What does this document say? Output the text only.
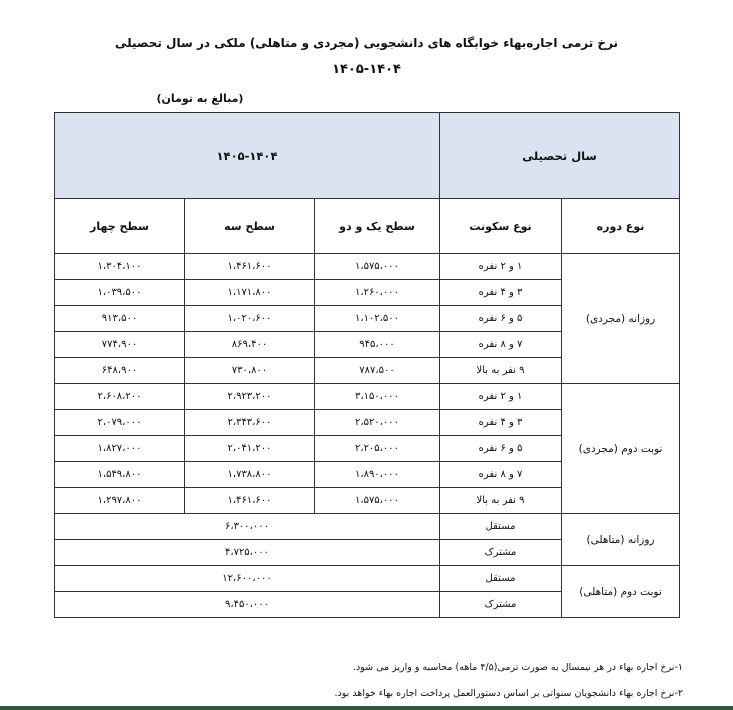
نرخ ترمی اجاره‌بهاء خوابگاه های دانشجویی (مجردی و متاهلی) ملکی در سال تحصیلی
۱۴۰۵-۱۴۰۴
(مبالغ به تومان)
۱۴۰۵-۱۴۰۴			سال تحصیلی	
سطح چهار	سطح سه	سطح یک و دو	نوع سکونت	نوع دوره
۱،۳۰۴،۱۰۰	۱،۴۶۱،۶۰۰	۱،۵۷۵،۰۰۰	۱ و ۲ نفره	روزانه (مجردی)
۱،۰۳۹،۵۰۰	۱،۱۷۱،۸۰۰	۱،۲۶۰،۰۰۰	۳ و ۴ نفره	
۹۱۳،۵۰۰	۱،۰۲۰،۶۰۰	۱،۱۰۲،۵۰۰	۵ و ۶ نفره	
۷۷۴،۹۰۰	۸۶۹،۴۰۰	۹۴۵،۰۰۰	۷ و ۸ نفره	
۶۴۸،۹۰۰	۷۳۰،۸۰۰	۷۸۷،۵۰۰	۹ نفر به بالا	
۲،۶۰۸،۲۰۰	۲،۹۲۳،۲۰۰	۳،۱۵۰،۰۰۰	۱ و ۲ نفره	نوبت دوم (مجردی)
۲،۰۷۹،۰۰۰	۲،۳۴۳،۶۰۰	۲،۵۲۰،۰۰۰	۳ و ۴ نفره	
۱،۸۲۷،۰۰۰	۲،۰۴۱،۲۰۰	۲،۲۰۵،۰۰۰	۵ و ۶ نفره	
۱،۵۴۹،۸۰۰	۱،۷۳۸،۸۰۰	۱،۸۹۰،۰۰۰	۷ و ۸ نفره	
۱،۲۹۷،۸۰۰	۱،۴۶۱،۶۰۰	۱،۵۷۵،۰۰۰	۹ نفر به بالا	
۶،۳۰۰،۰۰۰			مستقل	روزانه (متاهلی)
۴،۷۲۵،۰۰۰			مشترک	
۱۲،۶۰۰،۰۰۰			مستقل	نوبت دوم (متاهلی)
۹،۴۵۰،۰۰۰			مشترک	
۱-نرخ اجاره بهاء در هر نیمسال به صورت ترمی(۴/۵ ماهه) محاسبه و واریز می شود.
۲-نرخ اجاره بهاء دانشجویان سنواتی بر اساس دستورالعمل پرداخت اجاره بهاء خواهد بود.
